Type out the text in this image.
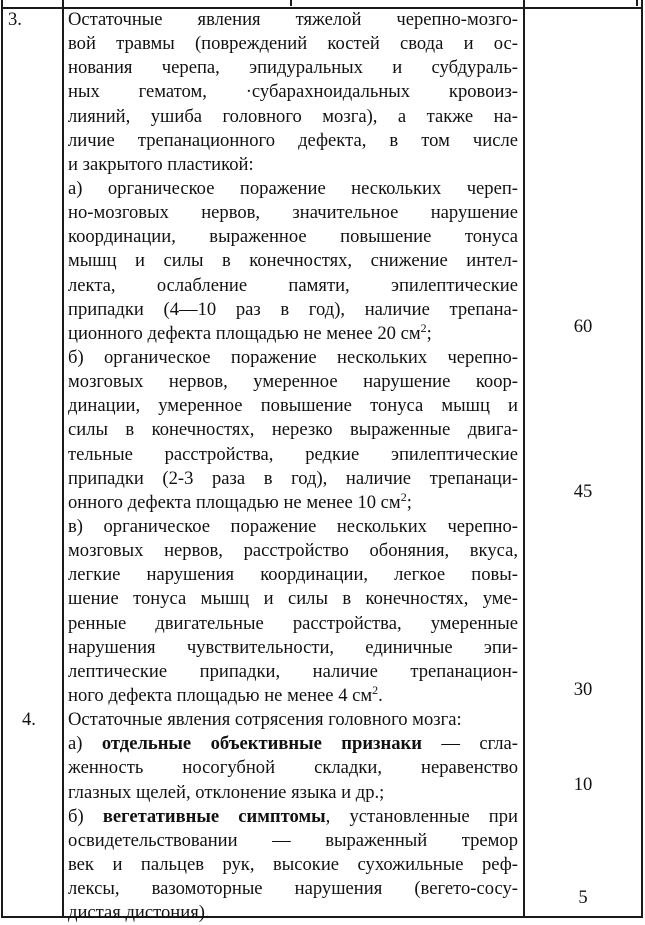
3.
4.
Остаточные явления тяжелой черепно-мозго-
вой травмы (повреждений костей свода и ос-
нования черепа, эпидуральных и субдураль-
ных гематом, ·субарахноидальных кровоиз-
лияний, ушиба головного мозга), а также на-
личие трепанационного дефекта, в том числе
и закрытого пластикой:
а) органическое поражение нескольких череп-
но-мозговых нервов, значительное нарушение
координации, выраженное повышение тонуса
мышц и силы в конечностях, снижение интел-
лекта, ослабление памяти, эпилептические
припадки (4—10 раз в год), наличие трепана-
ционного дефекта площадью не менее 20 $см^2$;
б) органическое поражение нескольких черепно-
мозговых нервов, умеренное нарушение коор-
динации, умеренное повышение тонуса мышц и
силы в конечностях, нерезко выраженные двига-
тельные расстройства, редкие эпилептические
припадки (2-3 раза в год), наличие трепанаци-
онного дефекта площадью не менее 10 $см^2$;
в) органическое поражение нескольких черепно-
мозговых нервов, расстройство обоняния, вкуса,
легкие нарушения координации, легкое повы-
шение тонуса мышц и силы в конечностях, уме-
ренные двигательные расстройства, умеренные
нарушения чувствительности, единичные эпи-
лептические припадки, наличие трепанацион-
ного дефекта площадью не менее 4 $см^2$.
Остаточные явления сотрясения головного мозга:
а) отдельные объективные признаки — сгла-
женность носогубной складки, неравенство
глазных щелей, отклонение языка и др.;
б) вегетативные симптомы, установленные при
освидетельствовании — выраженный тремор
век и пальцев рук, высокие сухожильные реф-
лексы, вазомоторные нарушения (вегето-сосу-
дистая дистония).
60
45
30
10
5
